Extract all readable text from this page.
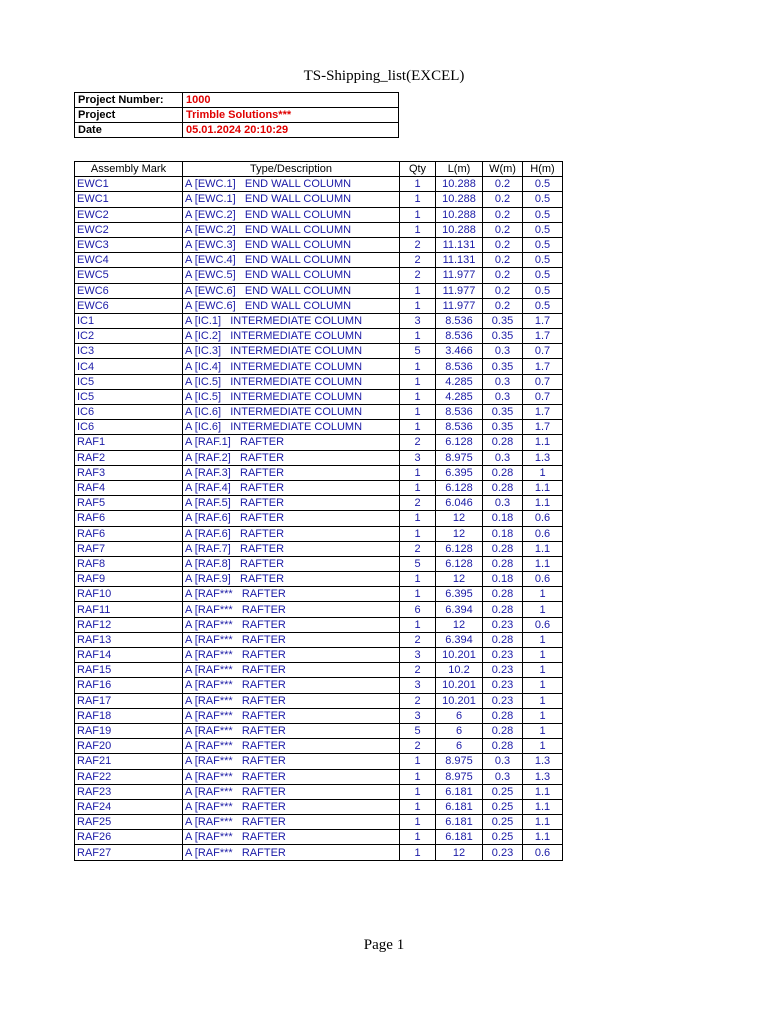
TS-Shipping_list(EXCEL)
Project Number:	1000
Project	Trimble Solutions***
Date	05.01.2024 20:10:29
Assembly Mark	Type/Description	Qty	L(m)	W(m)	H(m)
EWC1	A [EWC.1]   END WALL COLUMN	1	10.288	0.2	0.5
EWC1	A [EWC.1]   END WALL COLUMN	1	10.288	0.2	0.5
EWC2	A [EWC.2]   END WALL COLUMN	1	10.288	0.2	0.5
EWC2	A [EWC.2]   END WALL COLUMN	1	10.288	0.2	0.5
EWC3	A [EWC.3]   END WALL COLUMN	2	11.131	0.2	0.5
EWC4	A [EWC.4]   END WALL COLUMN	2	11.131	0.2	0.5
EWC5	A [EWC.5]   END WALL COLUMN	2	11.977	0.2	0.5
EWC6	A [EWC.6]   END WALL COLUMN	1	11.977	0.2	0.5
EWC6	A [EWC.6]   END WALL COLUMN	1	11.977	0.2	0.5
IC1	A [IC.1]   INTERMEDIATE COLUMN	3	8.536	0.35	1.7
IC2	A [IC.2]   INTERMEDIATE COLUMN	1	8.536	0.35	1.7
IC3	A [IC.3]   INTERMEDIATE COLUMN	5	3.466	0.3	0.7
IC4	A [IC.4]   INTERMEDIATE COLUMN	1	8.536	0.35	1.7
IC5	A [IC.5]   INTERMEDIATE COLUMN	1	4.285	0.3	0.7
IC5	A [IC.5]   INTERMEDIATE COLUMN	1	4.285	0.3	0.7
IC6	A [IC.6]   INTERMEDIATE COLUMN	1	8.536	0.35	1.7
IC6	A [IC.6]   INTERMEDIATE COLUMN	1	8.536	0.35	1.7
RAF1	A [RAF.1]   RAFTER	2	6.128	0.28	1.1
RAF2	A [RAF.2]   RAFTER	3	8.975	0.3	1.3
RAF3	A [RAF.3]   RAFTER	1	6.395	0.28	1
RAF4	A [RAF.4]   RAFTER	1	6.128	0.28	1.1
RAF5	A [RAF.5]   RAFTER	2	6.046	0.3	1.1
RAF6	A [RAF.6]   RAFTER	1	12	0.18	0.6
RAF6	A [RAF.6]   RAFTER	1	12	0.18	0.6
RAF7	A [RAF.7]   RAFTER	2	6.128	0.28	1.1
RAF8	A [RAF.8]   RAFTER	5	6.128	0.28	1.1
RAF9	A [RAF.9]   RAFTER	1	12	0.18	0.6
RAF10	A [RAF***   RAFTER	1	6.395	0.28	1
RAF11	A [RAF***   RAFTER	6	6.394	0.28	1
RAF12	A [RAF***   RAFTER	1	12	0.23	0.6
RAF13	A [RAF***   RAFTER	2	6.394	0.28	1
RAF14	A [RAF***   RAFTER	3	10.201	0.23	1
RAF15	A [RAF***   RAFTER	2	10.2	0.23	1
RAF16	A [RAF***   RAFTER	3	10.201	0.23	1
RAF17	A [RAF***   RAFTER	2	10.201	0.23	1
RAF18	A [RAF***   RAFTER	3	6	0.28	1
RAF19	A [RAF***   RAFTER	5	6	0.28	1
RAF20	A [RAF***   RAFTER	2	6	0.28	1
RAF21	A [RAF***   RAFTER	1	8.975	0.3	1.3
RAF22	A [RAF***   RAFTER	1	8.975	0.3	1.3
RAF23	A [RAF***   RAFTER	1	6.181	0.25	1.1
RAF24	A [RAF***   RAFTER	1	6.181	0.25	1.1
RAF25	A [RAF***   RAFTER	1	6.181	0.25	1.1
RAF26	A [RAF***   RAFTER	1	6.181	0.25	1.1
RAF27	A [RAF***   RAFTER	1	12	0.23	0.6
Page 1
